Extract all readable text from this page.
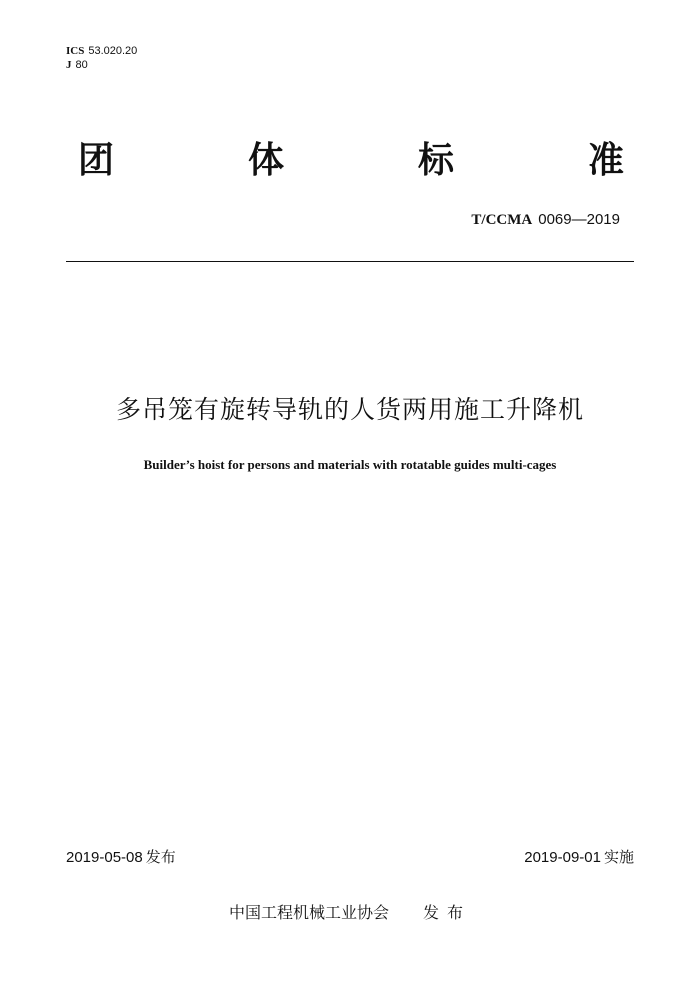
ICS 53.020.20
J 80
团	体	标	准
T/CCMA 0069—2019
多吊笼有旋转导轨的人货两用施工升降机
Builder’s hoist for persons and materials with rotatable guides multi-cages
2019-05-08 发布	2019-09-01 实施
中国工程机械工业协会 发布
